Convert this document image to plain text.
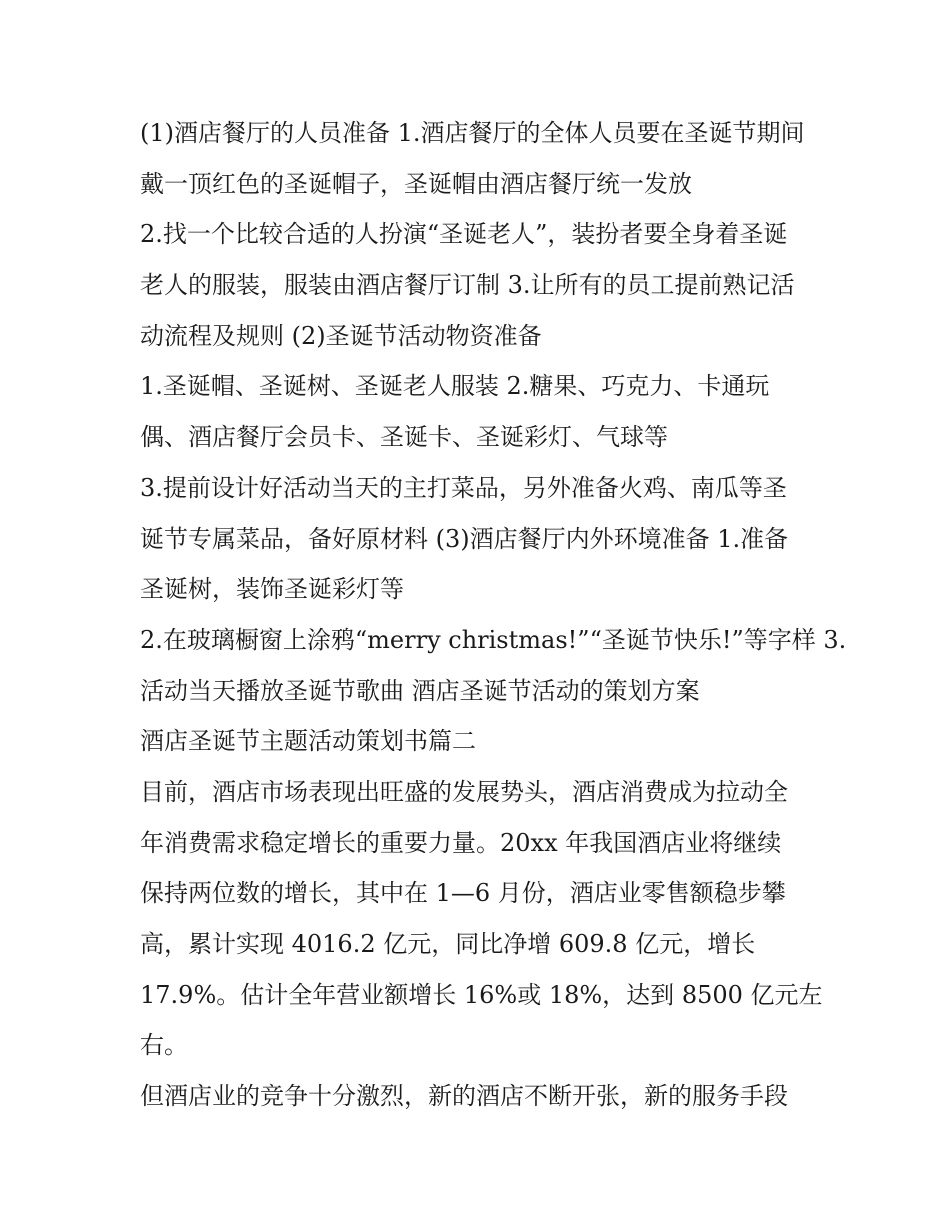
(1)酒店餐厅的人员准备 1.酒店餐厅的全体人员要在圣诞节期间
戴一顶红色的圣诞帽子，圣诞帽由酒店餐厅统一发放
2.找一个比较合适的人扮演“圣诞老人”，装扮者要全身着圣诞
老人的服装，服装由酒店餐厅订制 3.让所有的员工提前熟记活
动流程及规则 (2)圣诞节活动物资准备
1.圣诞帽、圣诞树、圣诞老人服装 2.糖果、巧克力、卡通玩
偶、酒店餐厅会员卡、圣诞卡、圣诞彩灯、气球等
3.提前设计好活动当天的主打菜品，另外准备火鸡、南瓜等圣
诞节专属菜品，备好原材料 (3)酒店餐厅内外环境准备 1.准备
圣诞树，装饰圣诞彩灯等
2.在玻璃橱窗上涂鸦“merry christmas!”“圣诞节快乐!”等字样 3.
活动当天播放圣诞节歌曲 酒店圣诞节活动的策划方案
酒店圣诞节主题活动策划书篇二
目前，酒店市场表现出旺盛的发展势头，酒店消费成为拉动全
年消费需求稳定增长的重要力量。20xx 年我国酒店业将继续
保持两位数的增长，其中在 1—6 月份，酒店业零售额稳步攀
高，累计实现 4016.2 亿元，同比净增 609.8 亿元，增长
17.9%。估计全年营业额增长 16%或 18%，达到 8500 亿元左
右。
但酒店业的竞争十分激烈，新的酒店不断开张，新的服务手段
